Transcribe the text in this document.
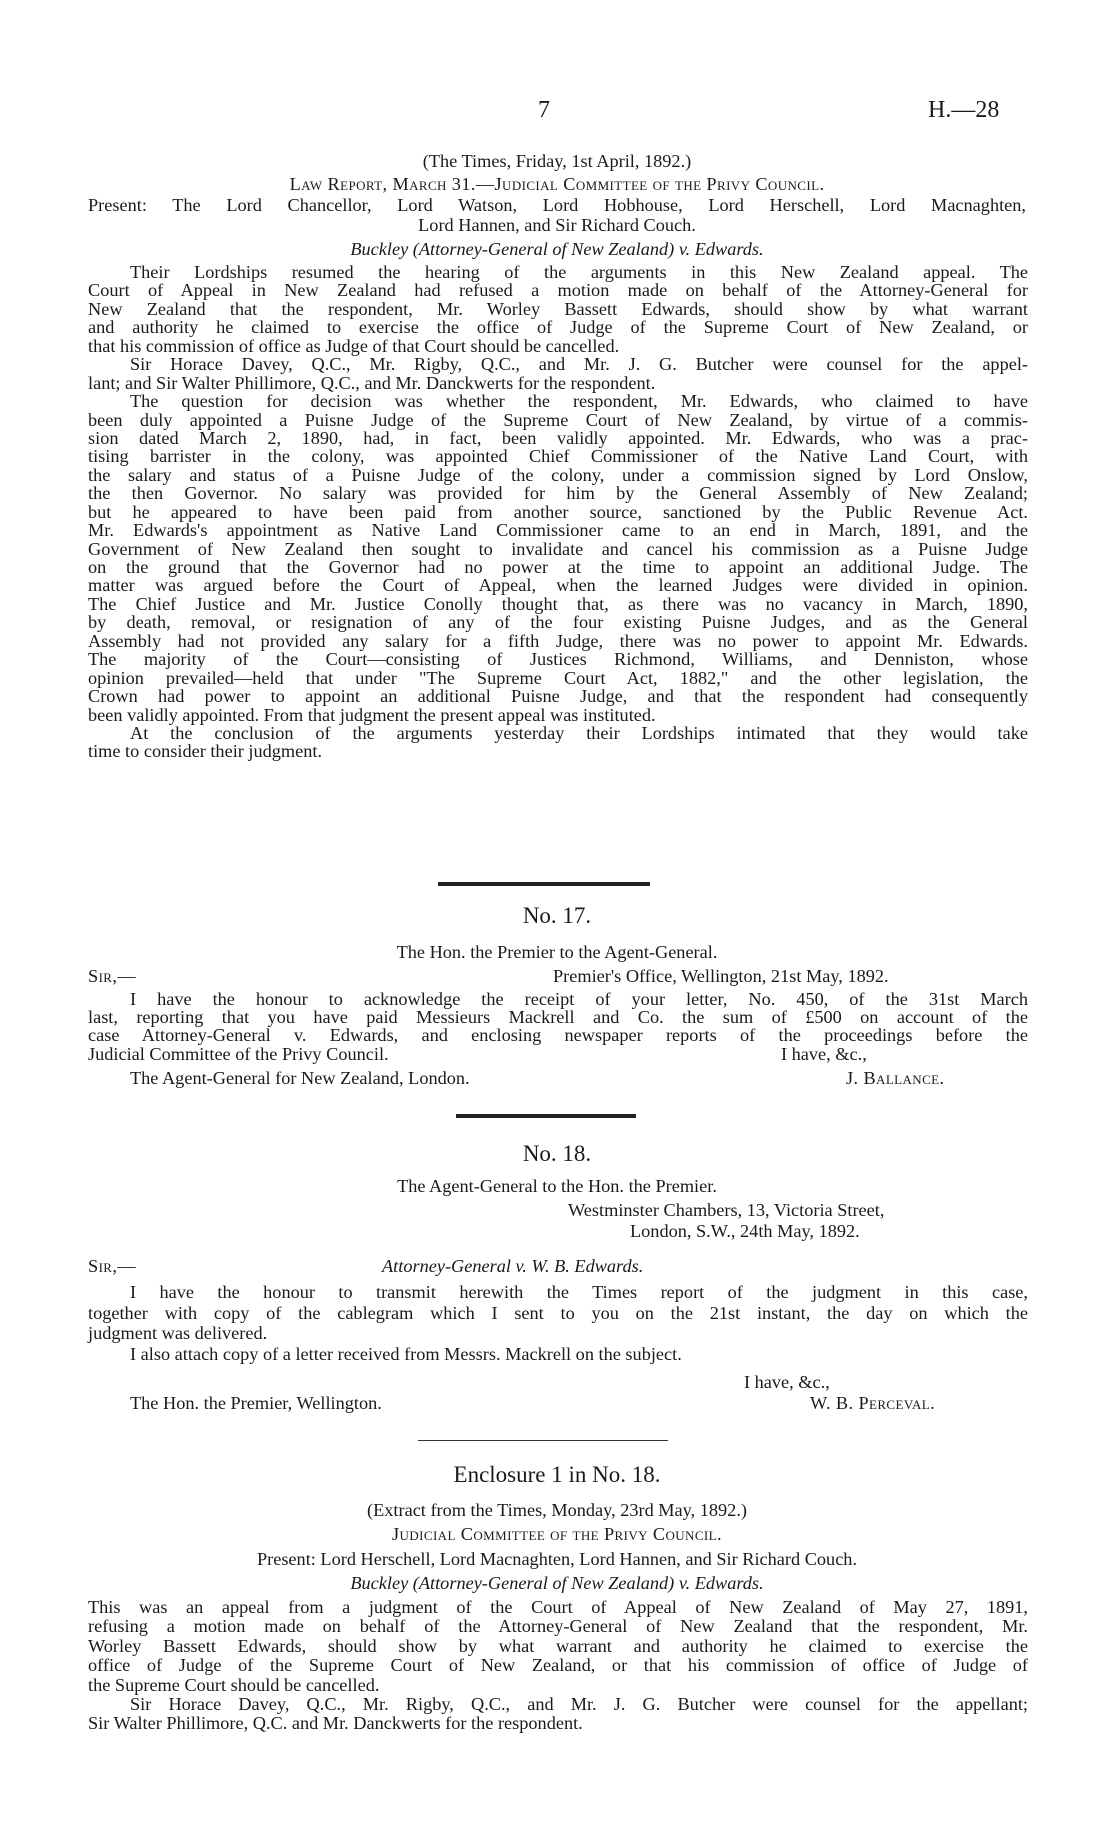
7	H.—28
(The Times, Friday, 1st April, 1892.)
Law Report, March 31.—Judicial Committee of the Privy Council.
Present: The Lord Chancellor, Lord Watson, Lord Hobhouse, Lord Herschell, Lord Macnaghten,
Lord Hannen, and Sir Richard Couch.
Buckley (Attorney-General of New Zealand) v. Edwards.
Their Lordships resumed the hearing of the arguments in this New Zealand appeal. The
Court of Appeal in New Zealand had refused a motion made on behalf of the Attorney-General for
New Zealand that the respondent, Mr. Worley Bassett Edwards, should show by what warrant
and authority he claimed to exercise the office of Judge of the Supreme Court of New Zealand, or
that his commission of office as Judge of that Court should be cancelled.
Sir Horace Davey, Q.C., Mr. Rigby, Q.C., and Mr. J. G. Butcher were counsel for the appel-
lant; and Sir Walter Phillimore, Q.C., and Mr. Danckwerts for the respondent.
The question for decision was whether the respondent, Mr. Edwards, who claimed to have
been duly appointed a Puisne Judge of the Supreme Court of New Zealand, by virtue of a commis-
sion dated March 2, 1890, had, in fact, been validly appointed. Mr. Edwards, who was a prac-
tising barrister in the colony, was appointed Chief Commissioner of the Native Land Court, with
the salary and status of a Puisne Judge of the colony, under a commission signed by Lord Onslow,
the then Governor. No salary was provided for him by the General Assembly of New Zealand;
but he appeared to have been paid from another source, sanctioned by the Public Revenue Act.
Mr. Edwards's appointment as Native Land Commissioner came to an end in March, 1891, and the
Government of New Zealand then sought to invalidate and cancel his commission as a Puisne Judge
on the ground that the Governor had no power at the time to appoint an additional Judge. The
matter was argued before the Court of Appeal, when the learned Judges were divided in opinion.
The Chief Justice and Mr. Justice Conolly thought that, as there was no vacancy in March, 1890,
by death, removal, or resignation of any of the four existing Puisne Judges, and as the General
Assembly had not provided any salary for a fifth Judge, there was no power to appoint Mr. Edwards.
The majority of the Court—consisting of Justices Richmond, Williams, and Denniston, whose
opinion prevailed—held that under "The Supreme Court Act, 1882," and the other legislation, the
Crown had power to appoint an additional Puisne Judge, and that the respondent had consequently
been validly appointed. From that judgment the present appeal was instituted.
At the conclusion of the arguments yesterday their Lordships intimated that they would take
time to consider their judgment.
No. 17.
The Hon. the Premier to the Agent-General.
Sir,—	Premier's Office, Wellington, 21st May, 1892.
I have the honour to acknowledge the receipt of your letter, No. 450, of the 31st March
last, reporting that you have paid Messieurs Mackrell and Co. the sum of £500 on account of the
case Attorney-General v. Edwards, and enclosing newspaper reports of the proceedings before the
Judicial Committee of the Privy Council.	I have, &c.,
The Agent-General for New Zealand, London.	J. Ballance.
No. 18.
The Agent-General to the Hon. the Premier.
Westminster Chambers, 13, Victoria Street,
London, S.W., 24th May, 1892.
Sir,—	Attorney-General v. W. B. Edwards.
I have the honour to transmit herewith the Times report of the judgment in this case,
together with copy of the cablegram which I sent to you on the 21st instant, the day on which the
judgment was delivered.
I also attach copy of a letter received from Messrs. Mackrell on the subject.
I have, &c.,
The Hon. the Premier, Wellington.	W. B. Perceval.
Enclosure 1 in No. 18.
(Extract from the Times, Monday, 23rd May, 1892.)
Judicial Committee of the Privy Council.
Present: Lord Herschell, Lord Macnaghten, Lord Hannen, and Sir Richard Couch.
Buckley (Attorney-General of New Zealand) v. Edwards.
This was an appeal from a judgment of the Court of Appeal of New Zealand of May 27, 1891,
refusing a motion made on behalf of the Attorney-General of New Zealand that the respondent, Mr.
Worley Bassett Edwards, should show by what warrant and authority he claimed to exercise the
office of Judge of the Supreme Court of New Zealand, or that his commission of office of Judge of
the Supreme Court should be cancelled.
Sir Horace Davey, Q.C., Mr. Rigby, Q.C., and Mr. J. G. Butcher were counsel for the appellant;
Sir Walter Phillimore, Q.C. and Mr. Danckwerts for the respondent.
